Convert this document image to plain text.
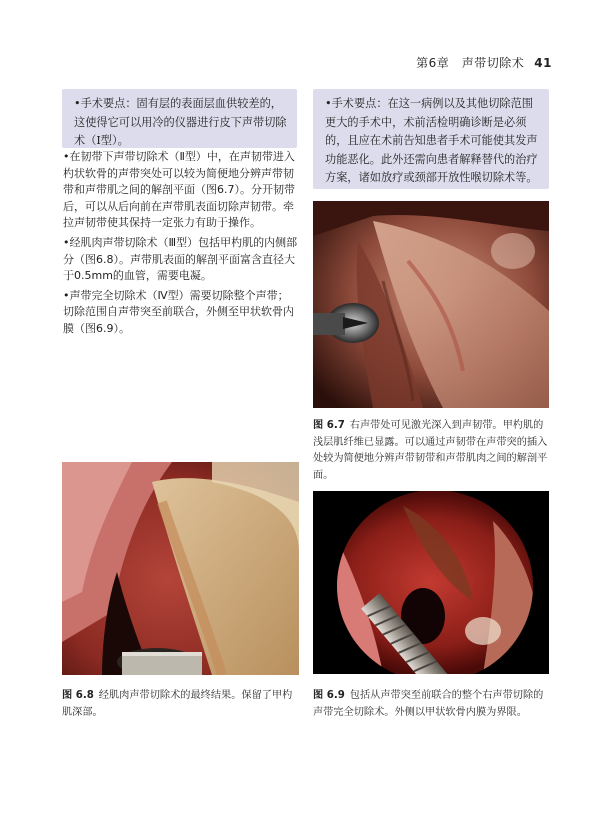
第6章　声带切除术 41
•手术要点：固有层的表面层血供较差的，这使得它可以用冷的仪器进行皮下声带切除术（Ⅰ型）。
•手术要点：在这一病例以及其他切除范围更大的手术中，术前活检明确诊断是必须的，且应在术前告知患者手术可能使其发声功能恶化。此外还需向患者解释替代的治疗方案，诸如放疗或颈部开放性喉切除术等。

•在韧带下声带切除术（Ⅱ型）中，在声韧带进入杓状软骨的声带突处可以较为简便地分辨声带韧带和声带肌之间的解剖平面（图6.7）。分开韧带后，可以从后向前在声带肌表面切除声韧带。牵拉声韧带使其保持一定张力有助于操作。

•经肌肉声带切除术（Ⅲ型）包括甲杓肌的内侧部分（图6.8）。声带肌表面的解剖平面富含直径大于0.5mm的血管，需要电凝。

•声带完全切除术（Ⅳ型）需要切除整个声带；切除范围自声带突至前联合，外侧至甲状软骨内膜（图6.9）。

图 6.7 右声带处可见激光深入到声韧带。甲杓肌的浅层肌纤维已显露。可以通过声韧带在声带突的插入处较为简便地分辨声带韧带和声带肌肉之间的解剖平面。
图 6.8 经肌肉声带切除术的最终结果。保留了甲杓肌深部。
图 6.9 包括从声带突至前联合的整个右声带切除的声带完全切除术。外侧以甲状软骨内膜为界限。
